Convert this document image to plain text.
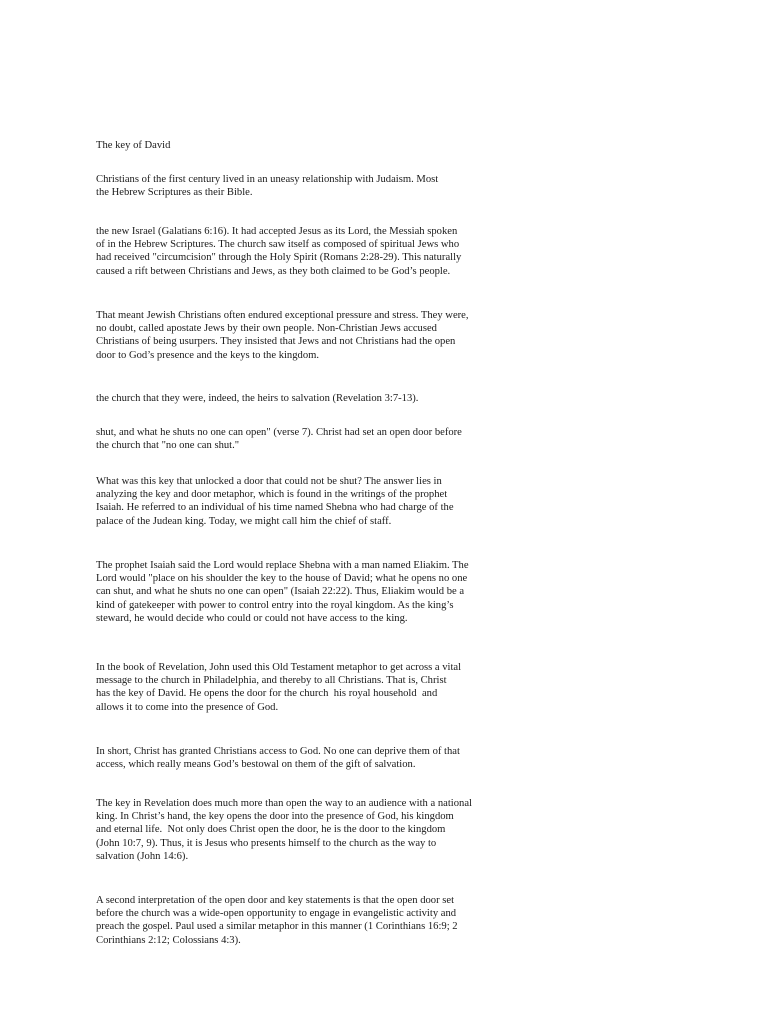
The key of David

Christians of the first century lived in an uneasy relationship with Judaism. Most
the Hebrew Scriptures as their Bible.

the new Israel (Galatians 6:16). It had accepted Jesus as its Lord, the Messiah spoken
of in the Hebrew Scriptures. The church saw itself as composed of spiritual Jews who
had received "circumcision" through the Holy Spirit (Romans 2:28-29). This naturally
caused a rift between Christians and Jews, as they both claimed to be God’s people.

That meant Jewish Christians often endured exceptional pressure and stress. They were,
no doubt, called apostate Jews by their own people. Non-Christian Jews accused
Christians of being usurpers. They insisted that Jews and not Christians had the open
door to God’s presence and the keys to the kingdom.

the church that they were, indeed, the heirs to salvation (Revelation 3:7-13).

shut, and what he shuts no one can open" (verse 7). Christ had set an open door before
the church that "no one can shut."

What was this key that unlocked a door that could not be shut? The answer lies in
analyzing the key and door metaphor, which is found in the writings of the prophet
Isaiah. He referred to an individual of his time named Shebna who had charge of the
palace of the Judean king. Today, we might call him the chief of staff.

The prophet Isaiah said the Lord would replace Shebna with a man named Eliakim. The
Lord would "place on his shoulder the key to the house of David; what he opens no one
can shut, and what he shuts no one can open" (Isaiah 22:22). Thus, Eliakim would be a
kind of gatekeeper with power to control entry into the royal kingdom. As the king’s
steward, he would decide who could or could not have access to the king.

In the book of Revelation, John used this Old Testament metaphor to get across a vital
message to the church in Philadelphia, and thereby to all Christians. That is, Christ
has the key of David. He opens the door for the church  his royal household  and
allows it to come into the presence of God.

In short, Christ has granted Christians access to God. No one can deprive them of that
access, which really means God’s bestowal on them of the gift of salvation.

The key in Revelation does much more than open the way to an audience with a national
king. In Christ’s hand, the key opens the door into the presence of God, his kingdom
and eternal life.  Not only does Christ open the door, he is the door to the kingdom
(John 10:7, 9). Thus, it is Jesus who presents himself to the church as the way to
salvation (John 14:6).

A second interpretation of the open door and key statements is that the open door set
before the church was a wide-open opportunity to engage in evangelistic activity and
preach the gospel. Paul used a similar metaphor in this manner (1 Corinthians 16:9; 2
Corinthians 2:12; Colossians 4:3).
